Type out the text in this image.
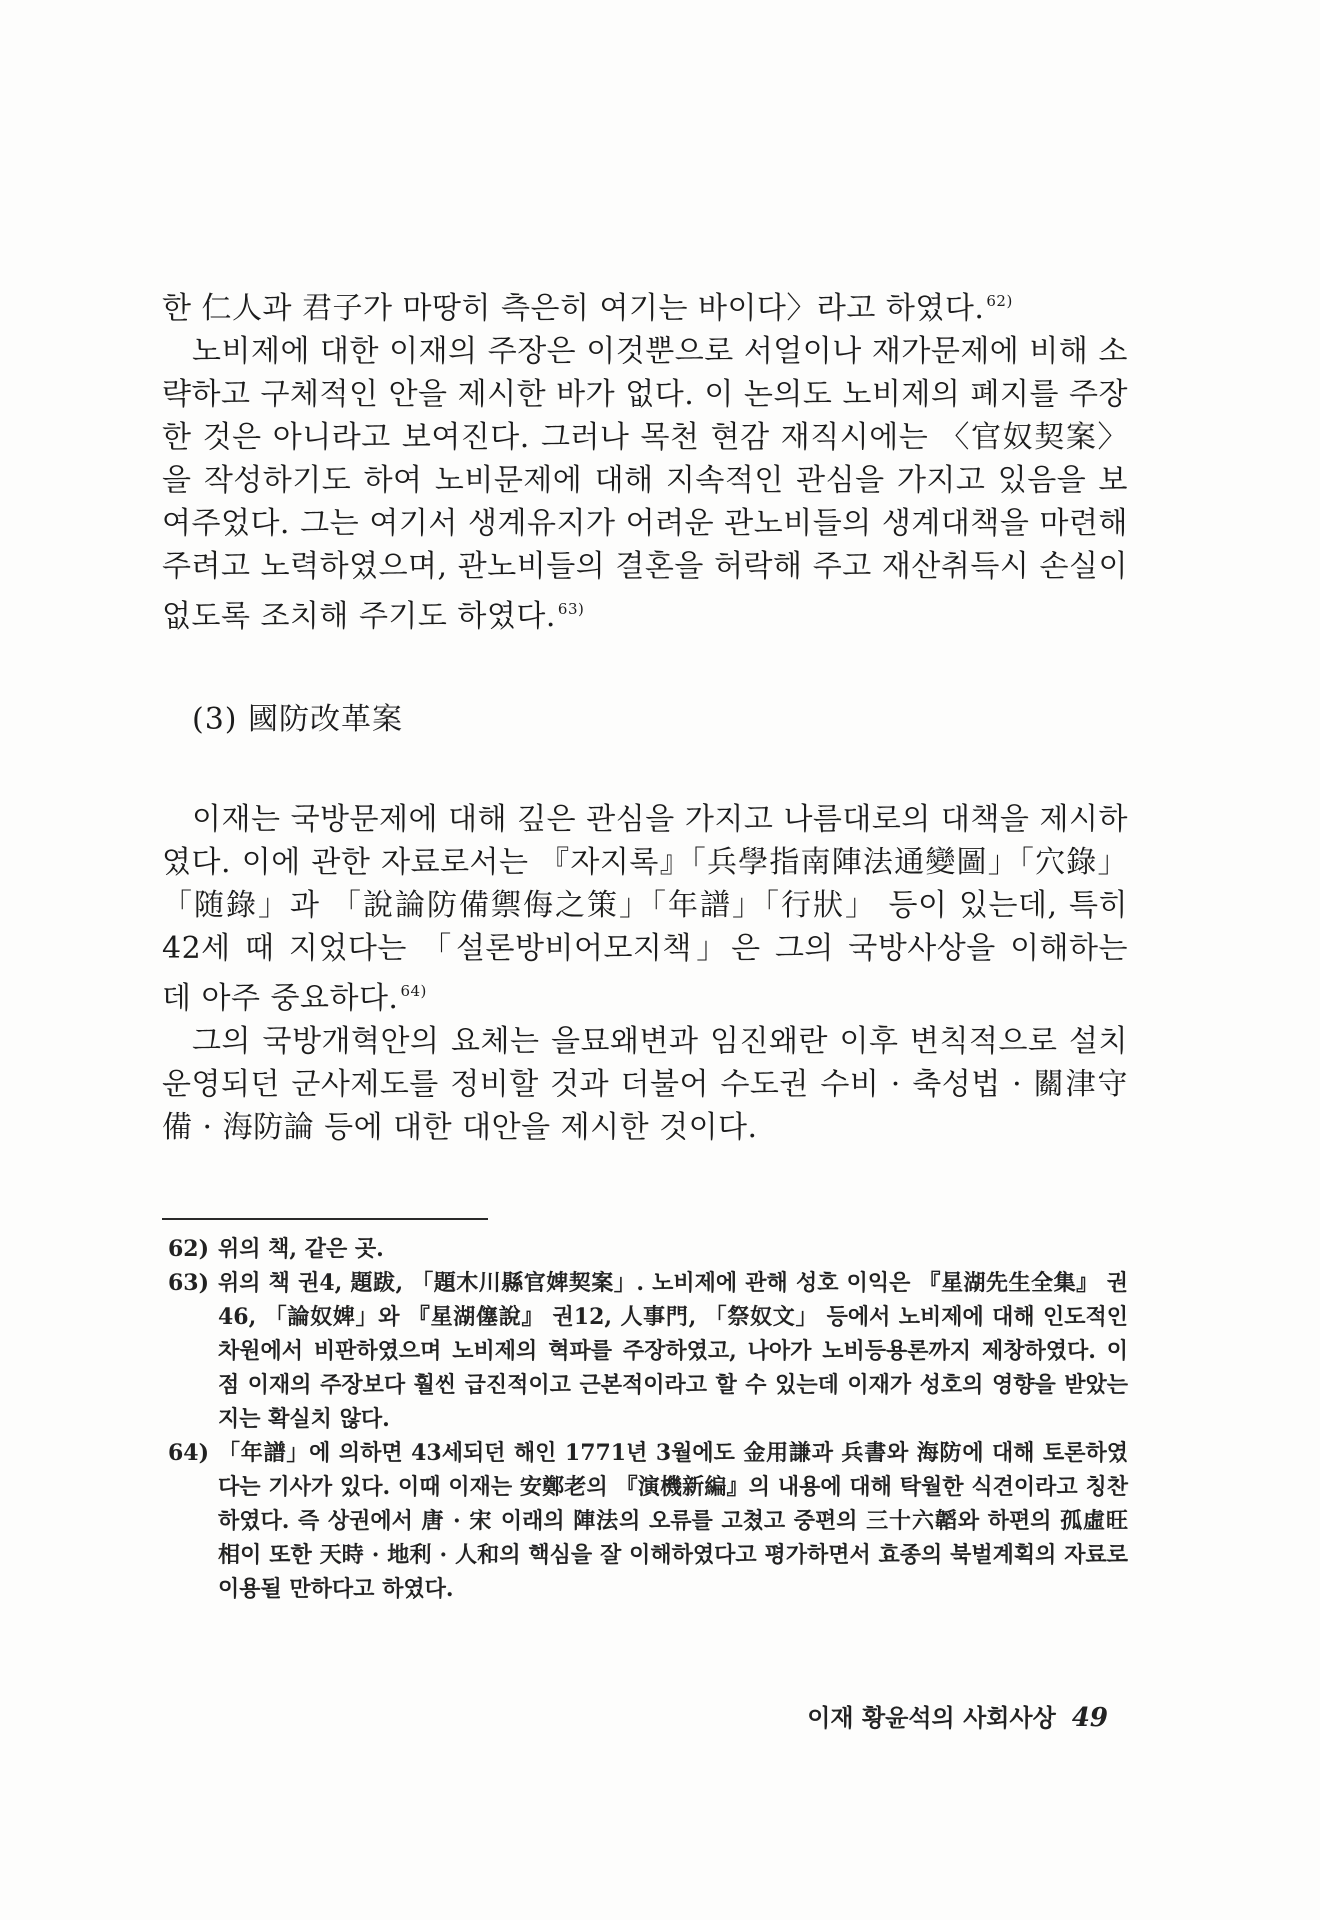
한 仁人과 君子가 마땅히 측은히 여기는 바이다〉라고 하였다. $^{62)}$

노비제에 대한 이재의 주장은 이것뿐으로 서얼이나 재가문제에 비해 소략하고 구체적인 안을 제시한 바가 없다. 이 논의도 노비제의 폐지를 주장한 것은 아니라고 보여진다. 그러나 목천 현감 재직시에는 〈官奴契案〉을 작성하기도 하여 노비문제에 대해 지속적인 관심을 가지고 있음을 보여주었다. 그는 여기서 생계유지가 어려운 관노비들의 생계대책을 마련해 주려고 노력하였으며, 관노비들의 결혼을 허락해 주고 재산취득시 손실이 없도록 조치해 주기도 하였다. $^{63)}$

(3) 國防改革案

이재는 국방문제에 대해 깊은 관심을 가지고 나름대로의 대책을 제시하였다. 이에 관한 자료로서는 『자지록』「兵學指南陣法通變圖」「穴錄」「随錄」과 「說論防備禦侮之策」「年譜」「行狀」 등이 있는데, 특히 42세 때 지었다는 「설론방비어모지책」은 그의 국방사상을 이해하는 데 아주 중요하다. $^{64)}$

그의 국방개혁안의 요체는 을묘왜변과 임진왜란 이후 변칙적으로 설치 운영되던 군사제도를 정비할 것과 더불어 수도권 수비 · 축성법 · 關津守備 · 海防論 등에 대한 대안을 제시한 것이다.

62) 위의 책, 같은 곳.
63) 위의 책 권4, 題跋, 「題木川縣官婢契案」. 노비제에 관해 성호 이익은 『星湖先生全集』 권46, 「論奴婢」와 『星湖僿說』 권12, 人事門, 「祭奴文」 등에서 노비제에 대해 인도적인 차원에서 비판하였으며 노비제의 혁파를 주장하였고, 나아가 노비등용론까지 제창하였다. 이 점 이재의 주장보다 훨씬 급진적이고 근본적이라고 할 수 있는데 이재가 성호의 영향을 받았는지는 확실치 않다.
64) 「年譜」에 의하면 43세되던 해인 1771년 3월에도 金用謙과 兵書와 海防에 대해 토론하였다는 기사가 있다. 이때 이재는 安鄭老의 『演機新編』의 내용에 대해 탁월한 식견이라고 칭찬하였다. 즉 상권에서 唐 · 宋 이래의 陣法의 오류를 고쳤고 중편의 三十六韜와 하편의 孤虛旺相이 또한 天時 · 地利 · 人和의 핵심을 잘 이해하였다고 평가하면서 효종의 북벌계획의 자료로 이용될 만하다고 하였다.
이재 황윤석의 사회사상 49
